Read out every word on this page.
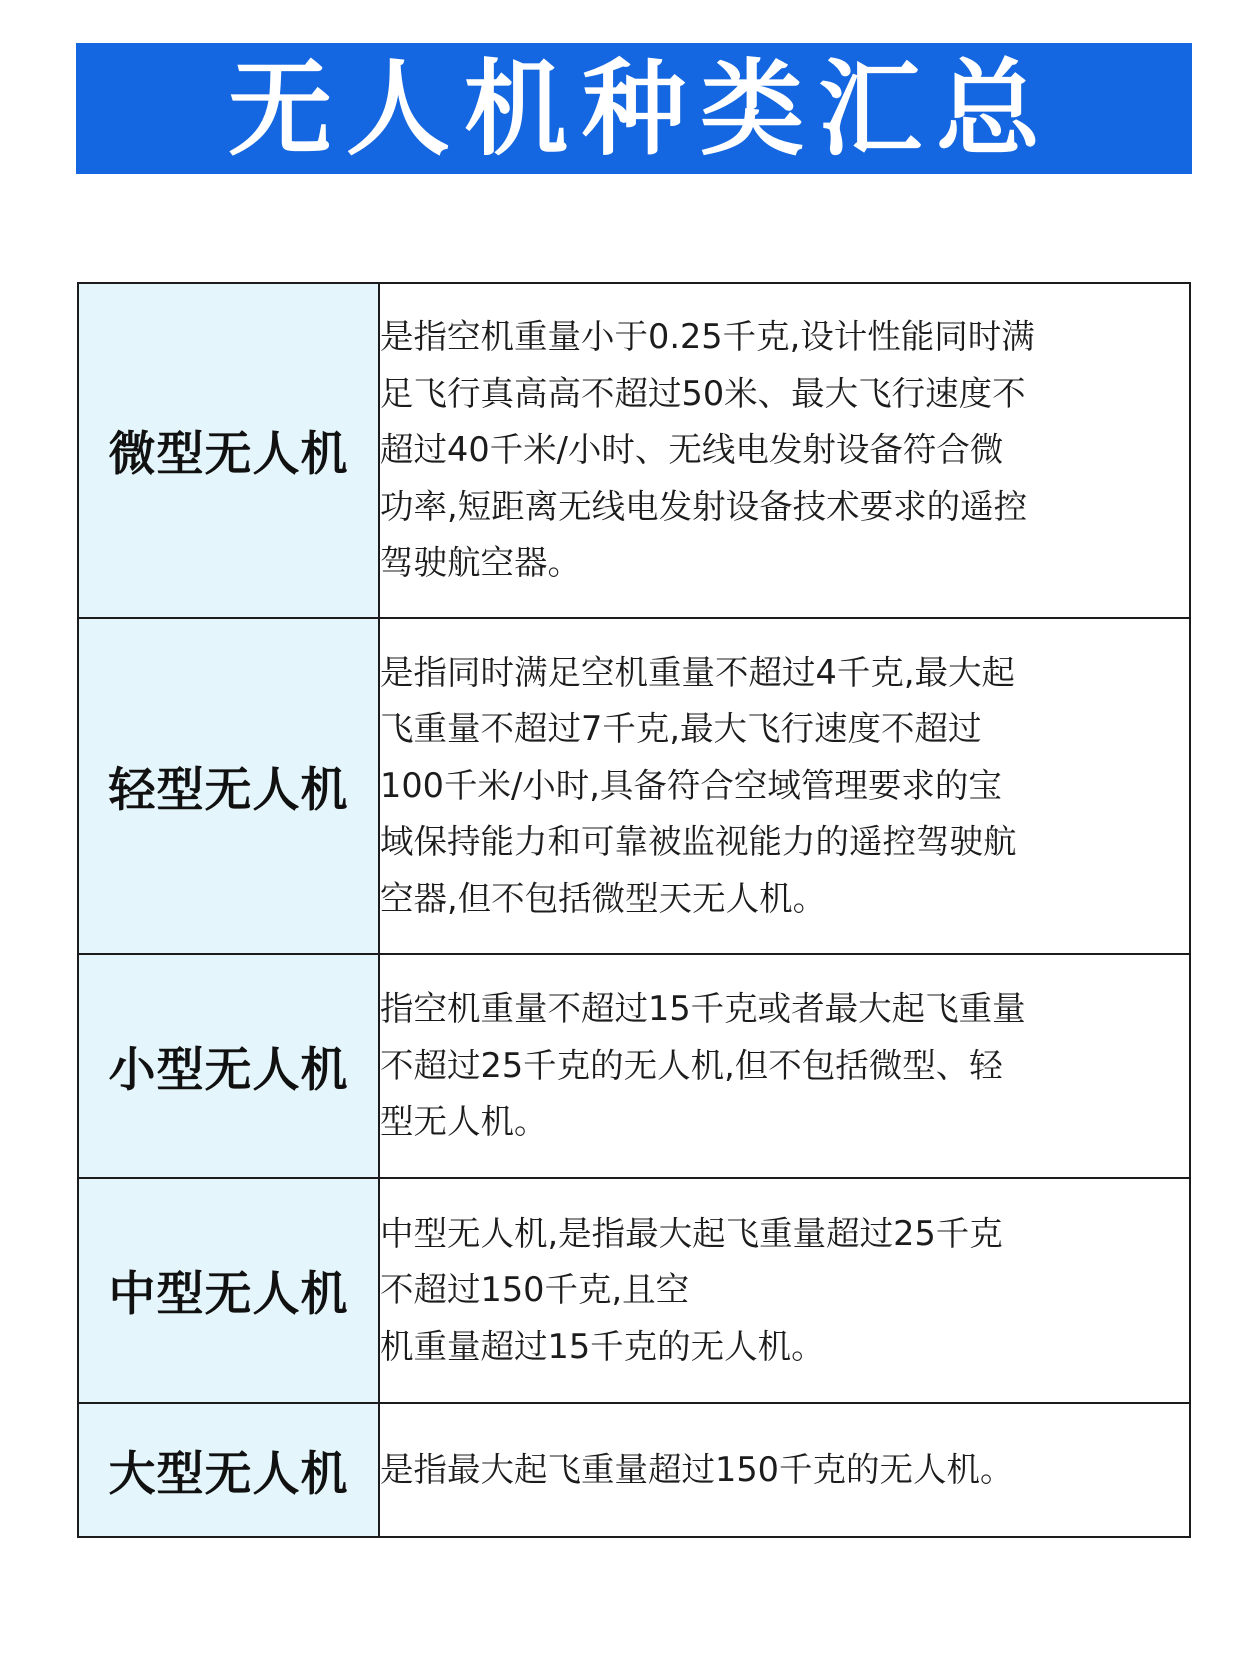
无人机种类汇总
微型无人机	是指空机重量小于0.25千克,设计性能同时满
足飞行真高高不超过50米、最大飞行速度不
超过40千米/小时、无线电发射设备符合微
功率,短距离无线电发射设备技术要求的遥控
驾驶航空器。

轻型无人机	是指同时满足空机重量不超过4千克,最大起
飞重量不超过7千克,最大飞行速度不超过
100千米/小时,具备符合空域管理要求的宝
域保持能力和可靠被监视能力的遥控驾驶航
空器,但不包括微型天无人机。

小型无人机	指空机重量不超过15千克或者最大起飞重量
不超过25千克的无人机,但不包括微型、轻
型无人机。

中型无人机	中型无人机,是指最大起飞重量超过25千克
不超过150千克,且空
机重量超过15千克的无人机。

大型无人机	是指最大起飞重量超过150千克的无人机。
